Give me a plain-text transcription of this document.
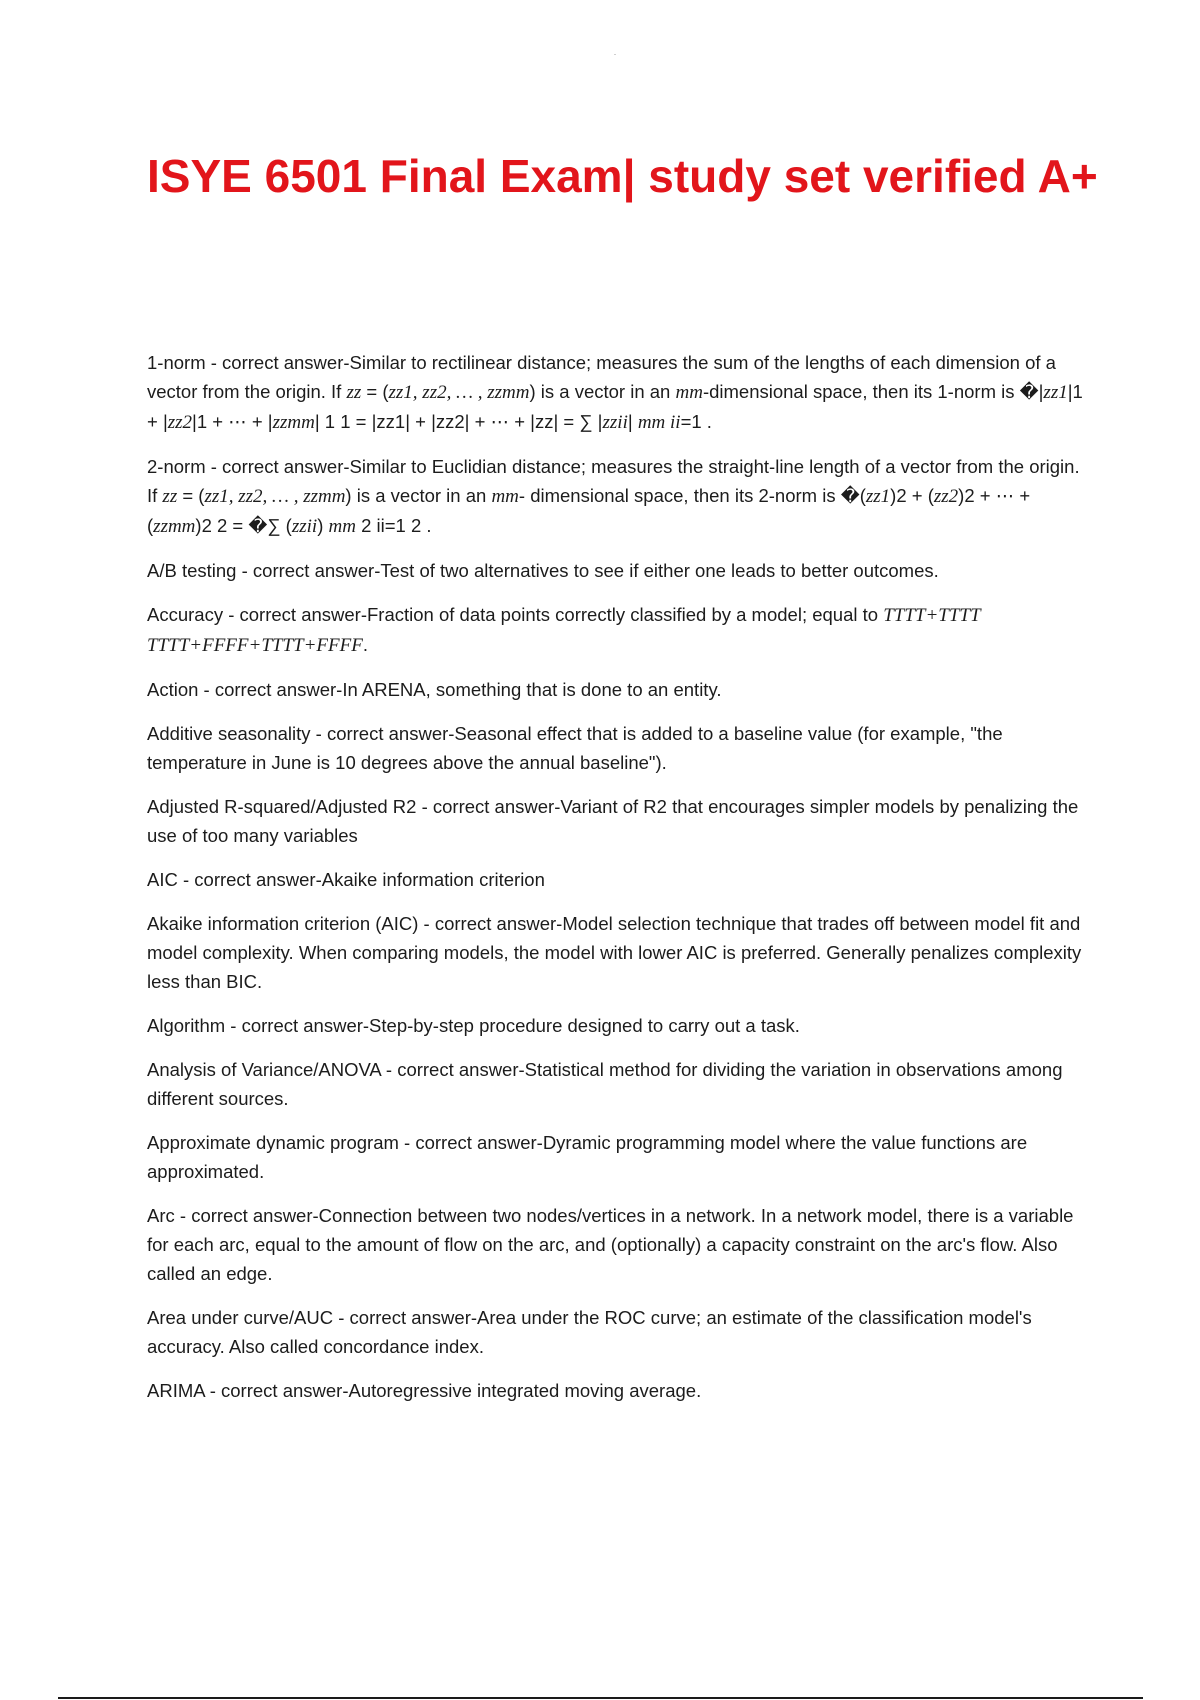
ISYE 6501 Final Exam| study set verified A+

1-norm - correct answer-Similar to rectilinear distance; measures the sum of the lengths of each dimension of a vector from the origin. If zz = (zz1, zz2, … , zzmm) is a vector in an mm-dimensional space, then its 1-norm is �|zz1|1 + |zz2|1 + ⋯ + |zzmm| 1 1 = |zz1| + |zz2| + ⋯ + |zz| = ∑ |zzii| mm ii=1 .

2-norm - correct answer-Similar to Euclidian distance; measures the straight-line length of a vector from the origin. If zz = (zz1, zz2, … , zzmm) is a vector in an mm- dimensional space, then its 2-norm is �(zz1)2 + (zz2)2 + ⋯ + (zzmm)2 2 = �∑ (zzii) mm 2 ii=1 2 .

A/B testing - correct answer-Test of two alternatives to see if either one leads to better outcomes.

Accuracy - correct answer-Fraction of data points correctly classified by a model; equal to TTTT+TTTT TTTT+FFFF+TTTT+FFFF.

Action - correct answer-In ARENA, something that is done to an entity.

Additive seasonality - correct answer-Seasonal effect that is added to a baseline value (for example, "the temperature in June is 10 degrees above the annual baseline").

Adjusted R-squared/Adjusted R2 - correct answer-Variant of R2 that encourages simpler models by penalizing the use of too many variables

AIC - correct answer-Akaike information criterion

Akaike information criterion (AIC) - correct answer-Model selection technique that trades off between model fit and model complexity. When comparing models, the model with lower AIC is preferred. Generally penalizes complexity less than BIC.

Algorithm - correct answer-Step-by-step procedure designed to carry out a task.

Analysis of Variance/ANOVA - correct answer-Statistical method for dividing the variation in observations among different sources.

Approximate dynamic program - correct answer-Dyramic programming model where the value functions are approximated.

Arc - correct answer-Connection between two nodes/vertices in a network. In a network model, there is a variable for each arc, equal to the amount of flow on the arc, and (optionally) a capacity constraint on the arc's flow. Also called an edge.

Area under curve/AUC - correct answer-Area under the ROC curve; an estimate of the classification model's accuracy. Also called concordance index.

ARIMA - correct answer-Autoregressive integrated moving average.
